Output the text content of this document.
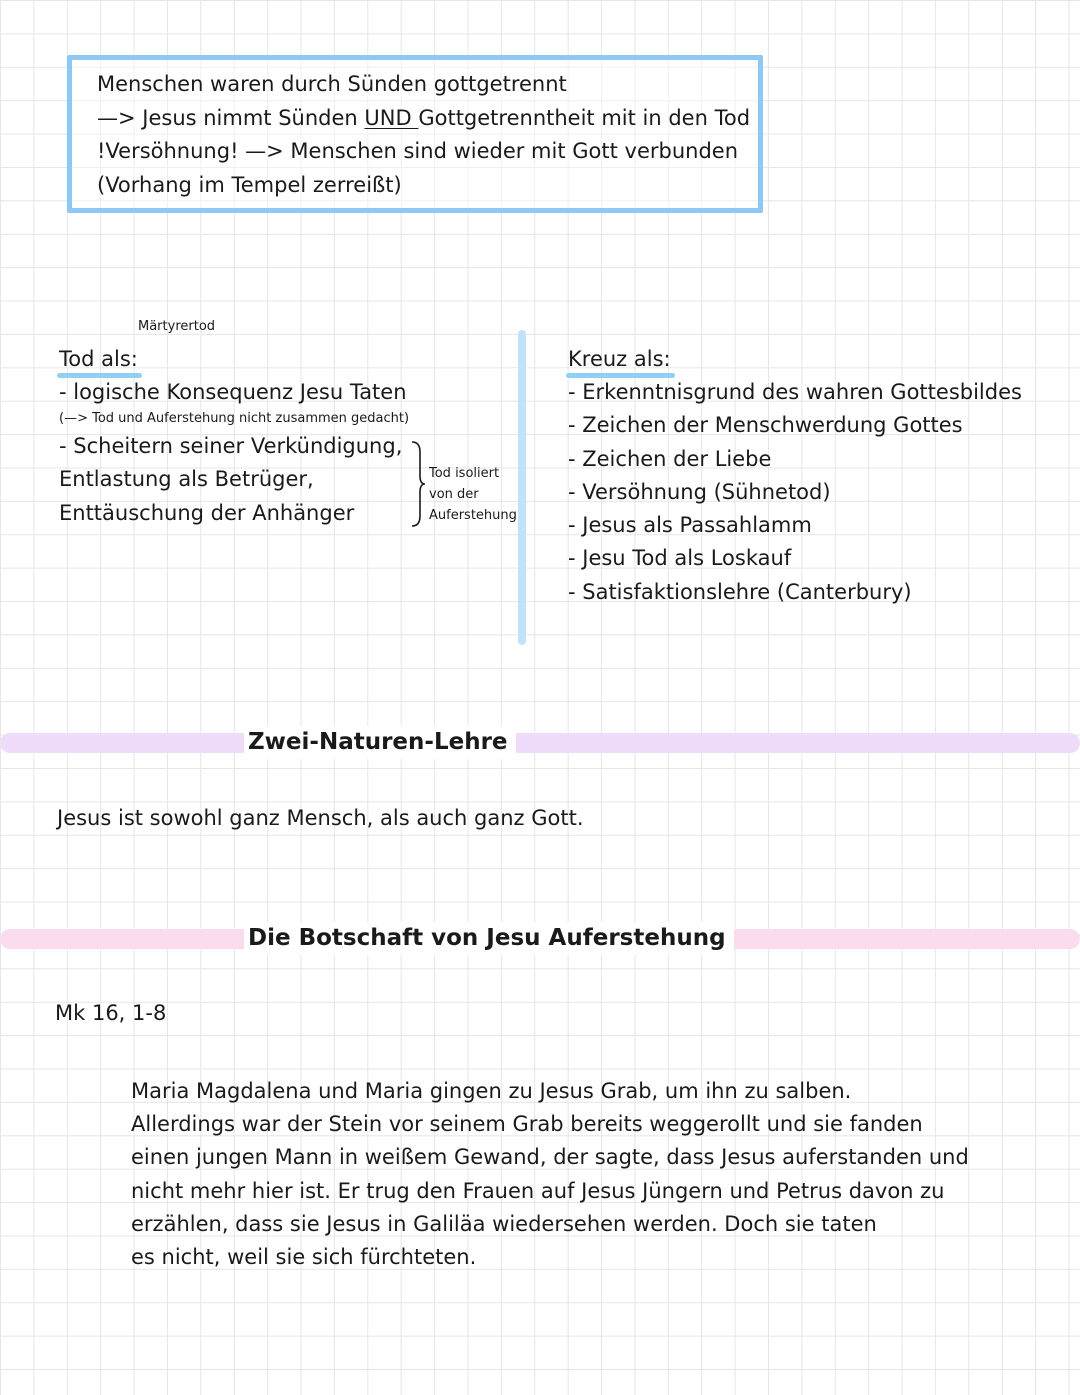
Menschen waren durch Sünden gottgetrennt
—> Jesus nimmt Sünden UND Gottgetrenntheit mit in den Tod
!Versöhnung! —> Menschen sind wieder mit Gott verbunden
(Vorhang im Tempel zerreißt)
Märtyrertod
Tod als:
- logische Konsequenz Jesu Taten
(—> Tod und Auferstehung nicht zusammen gedacht)
- Scheitern seiner Verkündigung,
Entlastung als Betrüger,
Enttäuschung der Anhänger
Tod isoliert
von der
Auferstehung
Kreuz als:
- Erkenntnisgrund des wahren Gottesbildes
- Zeichen der Menschwerdung Gottes
- Zeichen der Liebe
- Versöhnung (Sühnetod)
- Jesus als Passahlamm
- Jesu Tod als Loskauf
- Satisfaktionslehre (Canterbury)
Zwei-Naturen-Lehre
Jesus ist sowohl ganz Mensch, als auch ganz Gott.
Die Botschaft von Jesu Auferstehung
Mk 16, 1-8
Maria Magdalena und Maria gingen zu Jesus Grab, um ihn zu salben.
Allerdings war der Stein vor seinem Grab bereits weggerollt und sie fanden
einen jungen Mann in weißem Gewand, der sagte, dass Jesus auferstanden und
nicht mehr hier ist. Er trug den Frauen auf Jesus Jüngern und Petrus davon zu
erzählen, dass sie Jesus in Galiläa wiedersehen werden. Doch sie taten
es nicht, weil sie sich fürchteten.
